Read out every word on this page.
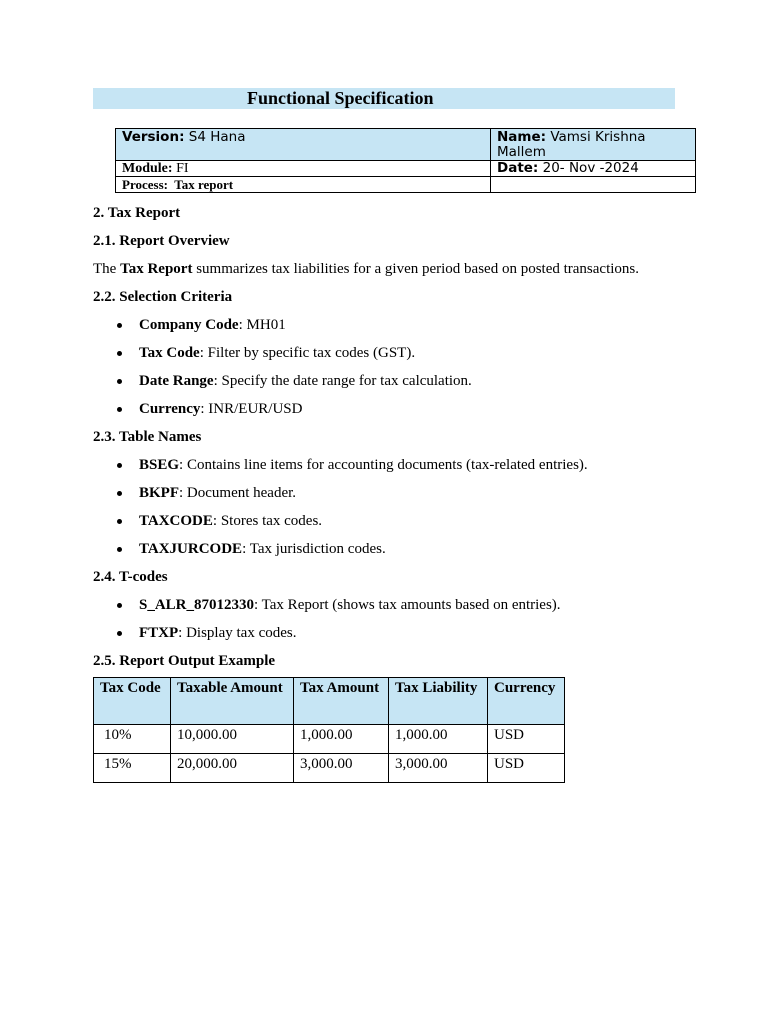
Functional Specification
Version: S4 Hana	Name: Vamsi Krishna Mallem
Module: FI	Date: 20- Nov -2024
Process: Tax report	

2. Tax Report

2.1. Report Overview

The Tax Report summarizes tax liabilities for a given period based on posted transactions.

2.2. Selection Criteria

Company Code: MH01
Tax Code: Filter by specific tax codes (GST).
Date Range: Specify the date range for tax calculation.
Currency: INR/EUR/USD

2.3. Table Names

BSEG: Contains line items for accounting documents (tax-related entries).
BKPF: Document header.
TAXCODE: Stores tax codes.
TAXJURCODE: Tax jurisdiction codes.

2.4. T-codes

S_ALR_87012330: Tax Report (shows tax amounts based on entries).
FTXP: Display tax codes.

2.5. Report Output Example

Tax Code	Taxable Amount	Tax Amount	Tax Liability	Currency
10%	10,000.00	1,000.00	1,000.00	USD
15%	20,000.00	3,000.00	3,000.00	USD
